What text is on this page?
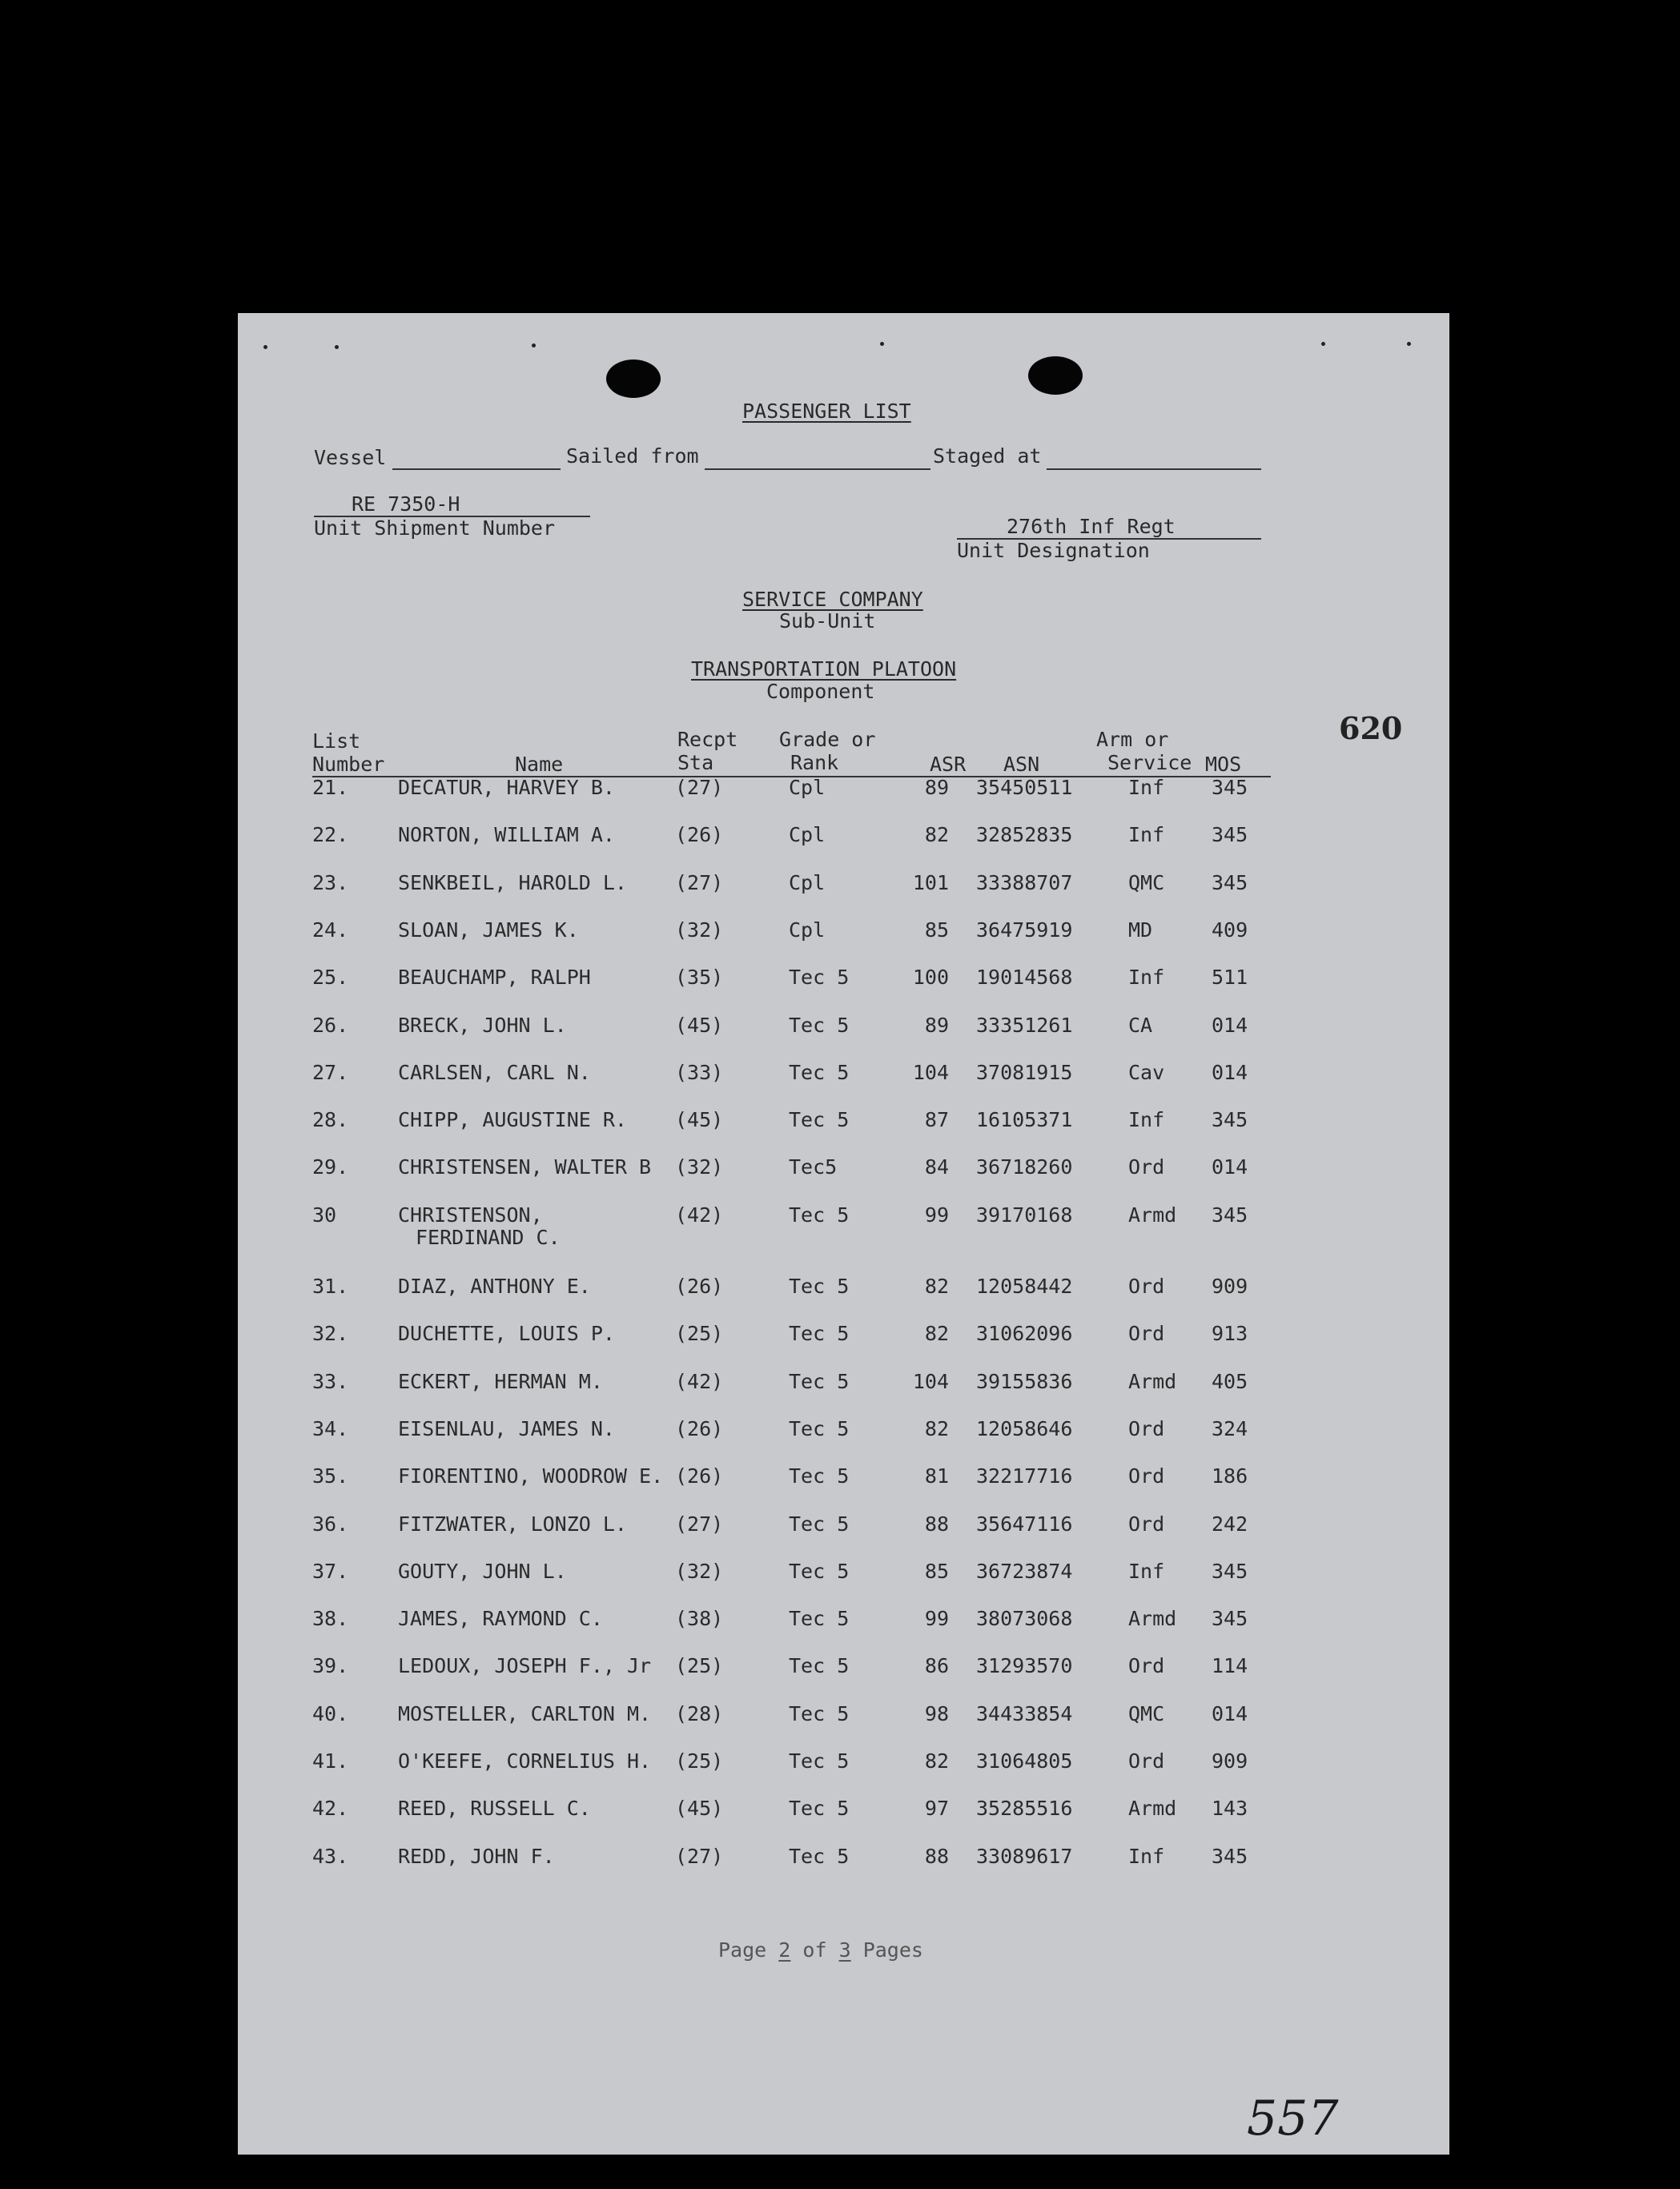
PASSENGER LIST
Vessel	Sailed from	Staged at
RE 7350-H
Unit Shipment Number	276th Inf Regt
Unit Designation
SERVICE COMPANY
Sub-Unit
TRANSPORTATION PLATOON
Component
620
List
Number	Name
Recpt
Sta
Grade or
Rank	ASR ASN
Arm or
Service MOS
21. DECATUR, HARVEY B.	(27)	Cpl	89 35450511	Inf 345
22. NORTON, WILLIAM A.	(26)	Cpl	82 32852835	Inf 345
23. SENKBEIL, HAROLD L. (27)	Cpl	101 33388707	QMC 345
24. SLOAN, JAMES K.	(32)	Cpl	85 36475919	MD	409
25. BEAUCHAMP, RALPH	(35)	Tec 5	100 19014568	Inf 511
26. BRECK, JOHN L.	(45)	Tec 5	89 33351261	CA	014
27. CARLSEN, CARL N.	(33)	Tec 5	104 37081915	Cav 014
28. CHIPP, AUGUSTINE R. (45)	Tec 5	87 16105371	Inf 345
29. CHRISTENSEN, WALTER B (32)	Tec5	84 36718260	Ord 014
30	CHRISTENSON,	(42)	Tec 5	99 39170168	Armd 345
FERDINAND C.
31. DIAZ, ANTHONY E.	(26)	Tec 5	82 12058442	Ord 909
32. DUCHETTE, LOUIS P.	(25)	Tec 5	82 31062096	Ord 913
33. ECKERT, HERMAN M.	(42)	Tec 5	104 39155836	Armd 405
34. EISENLAU, JAMES N.	(26)	Tec 5	82 12058646	Ord 324
35. FIORENTINO, WOODROW E. (26)	Tec 5	81 32217716	Ord 186
36. FITZWATER, LONZO L. (27)	Tec 5	88 35647116	Ord 242
37. GOUTY, JOHN L.	(32)	Tec 5	85 36723874	Inf 345
38. JAMES, RAYMOND C.	(38)	Tec 5	99 38073068	Armd 345
39. LEDOUX, JOSEPH F., Jr (25)	Tec 5	86 31293570	Ord 114
40. MOSTELLER, CARLTON M. (28)	Tec 5	98 34433854	QMC 014
41. O'KEEFE, CORNELIUS H. (25)	Tec 5	82 31064805	Ord 909
42. REED, RUSSELL C.	(45)	Tec 5	97 35285516	Armd 143
43. REDD, JOHN F.	(27)	Tec 5	88 33089617	Inf 345
Page 2 of 3 Pages
557
